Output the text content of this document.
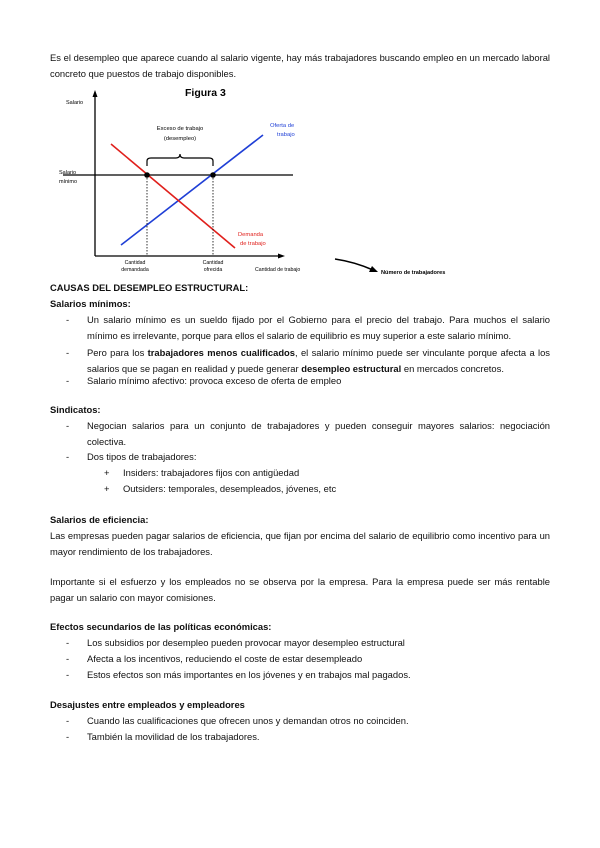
Es el desempleo que aparece cuando al salario vigente, hay más trabajadores buscando empleo en un mercado laboral concreto que puestos de trabajo disponibles.

Figura 3
Salario
Salario
mínimo
Exceso de trabajo
(desempleo)
Oferta de
trabajo
Demanda
de trabajo
Cantidad
demandada
Cantidad
ofrecida	Cantidad de trabajo	Número de trabajadores

CAUSAS DEL DESEMPLEO ESTRUCTURAL:

Salarios mínimos:

- Un salario mínimo es un sueldo fijado por el Gobierno para el precio del trabajo. Para muchos el salario mínimo es irrelevante, porque para ellos el salario de equilibrio es muy superior a este salario mínimo.
- Pero para los trabajadores menos cualificados, el salario mínimo puede ser vinculante porque afecta a los salarios que se pagan en realidad y puede generar desempleo estructural en mercados concretos.
- Salario mínimo afectivo: provoca exceso de oferta de empleo

Sindicatos:

- Negocian salarios para un conjunto de trabajadores y pueden conseguir mayores salarios: negociación colectiva.
- Dos tipos de trabajadores:
+ Insiders: trabajadores fijos con antigüedad
+ Outsiders: temporales, desempleados, jóvenes, etc

Salarios de eficiencia:

Las empresas pueden pagar salarios de eficiencia, que fijan por encima del salario de equilibrio como incentivo para un mayor rendimiento de los trabajadores.

Importante si el esfuerzo y los empleados no se observa por la empresa. Para la empresa puede ser más rentable pagar un salario con mayor comisiones.

Efectos secundarios de las políticas económicas:

- Los subsidios por desempleo pueden provocar mayor desempleo estructural
- Afecta a los incentivos, reduciendo el coste de estar desempleado
- Estos efectos son más importantes en los jóvenes y en trabajos mal pagados.

Desajustes entre empleados y empleadores

- Cuando las cualificaciones que ofrecen unos y demandan otros no coinciden.
- También la movilidad de los trabajadores.
